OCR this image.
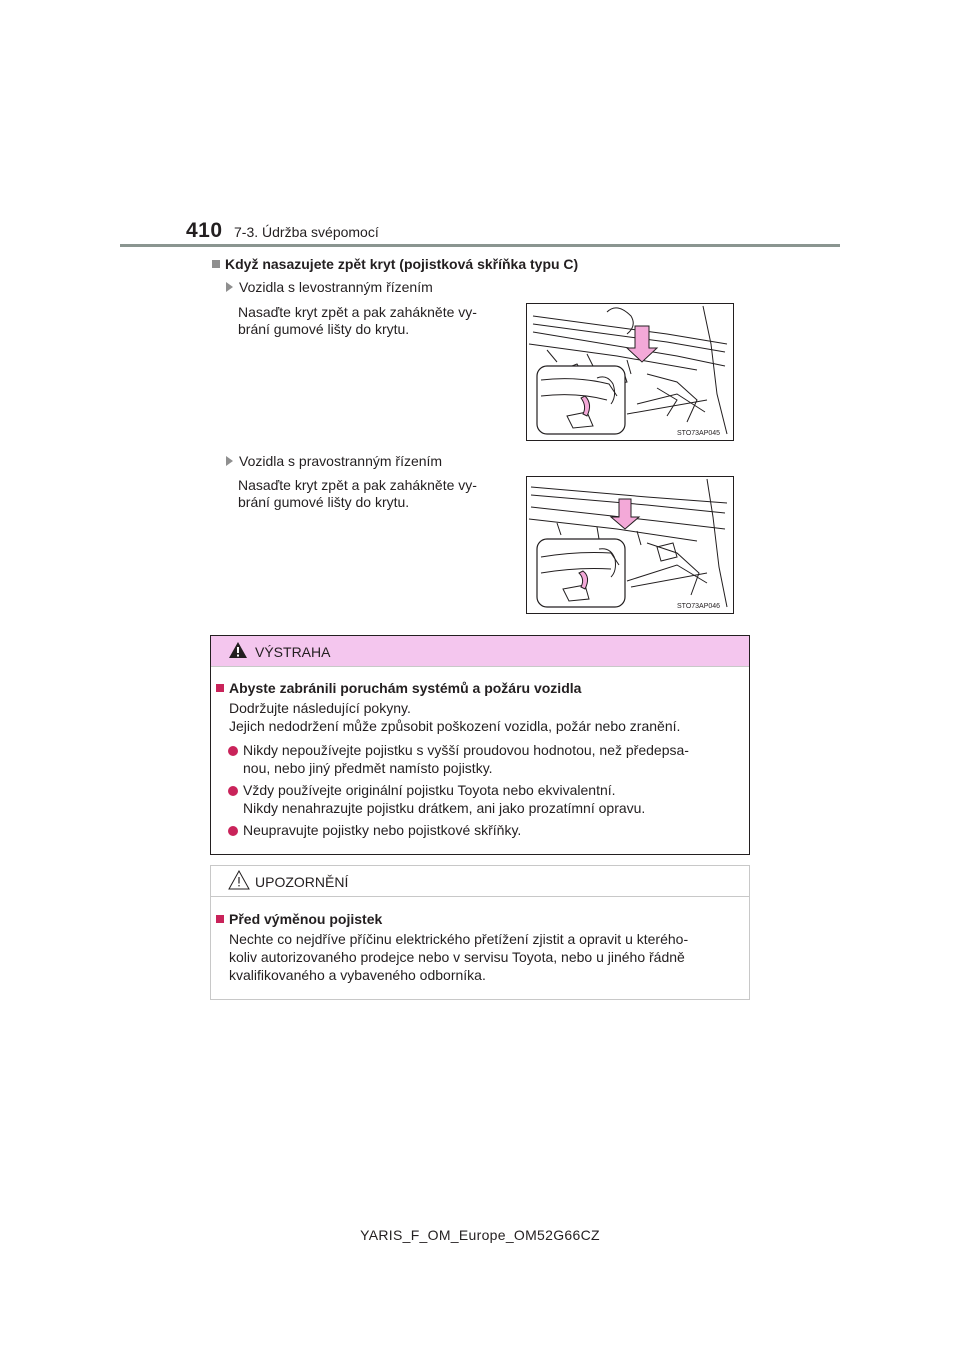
410 7-3. Údržba svépomocí
Když nasazujete zpět kryt (pojistková skříňka typu C)
Vozidla s levostranným řízením
Nasaďte kryt zpět a pak zahákněte vy-
brání gumové lišty do krytu.
STO73AP045
Vozidla s pravostranným řízením
Nasaďte kryt zpět a pak zahákněte vy-
brání gumové lišty do krytu.
STO73AP046
VÝSTRAHA
Abyste zabránili poruchám systémů a požáru vozidla
Dodržujte následující pokyny.
Jejich nedodržení může způsobit poškození vozidla, požár nebo zranění.
Nikdy nepoužívejte pojistku s vyšší proudovou hodnotou, než předepsa-
nou, nebo jiný předmět namísto pojistky.
Vždy používejte originální pojistku Toyota nebo ekvivalentní.
Nikdy nenahrazujte pojistku drátkem, ani jako prozatímní opravu.
Neupravujte pojistky nebo pojistkové skříňky.
UPOZORNĚNÍ
Před výměnou pojistek
Nechte co nejdříve příčinu elektrického přetížení zjistit a opravit u kterého-
koliv autorizovaného prodejce nebo v servisu Toyota, nebo u jiného řádně
kvalifikovaného a vybaveného odborníka.
YARIS_F_OM_Europe_OM52G66CZ
